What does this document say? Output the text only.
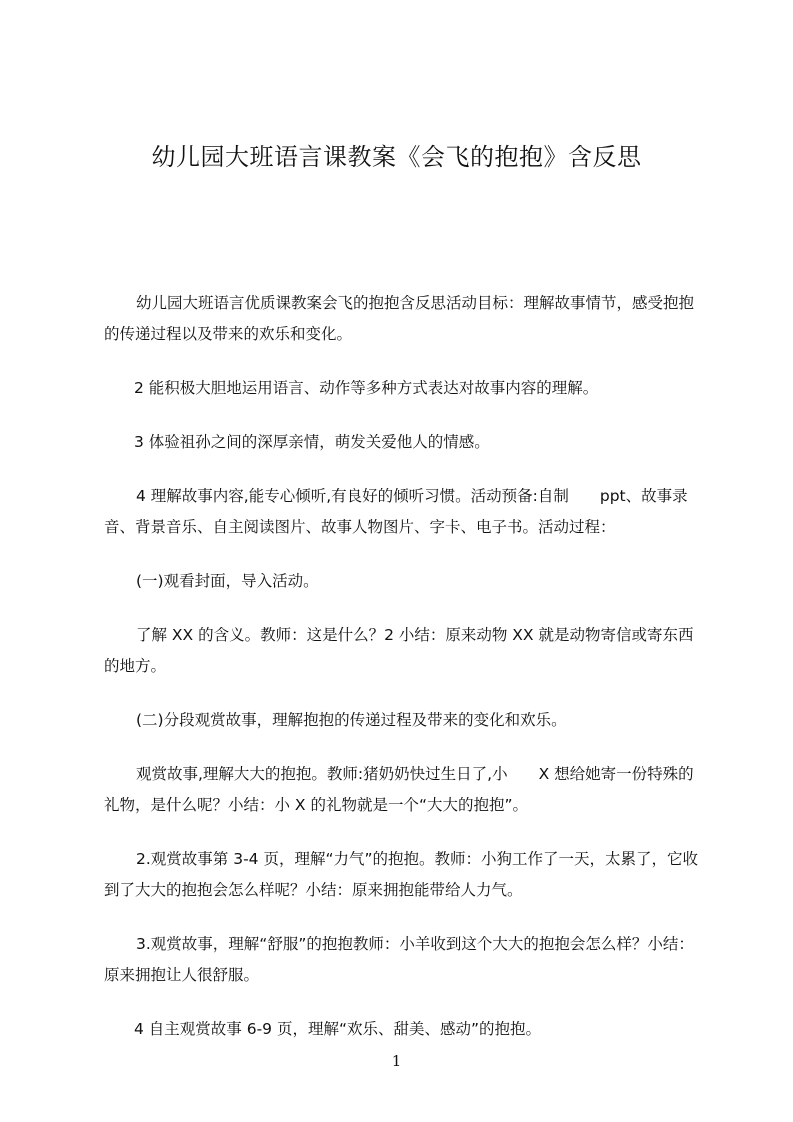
幼儿园大班语言课教案《会飞的抱抱》含反思

幼儿园大班语言优质课教案会飞的抱抱含反思活动目标：理解故事情节，感受抱抱的传递过程以及带来的欢乐和变化。

2 能积极大胆地运用语言、动作等多种方式表达对故事内容的理解。

3 体验祖孙之间的深厚亲情，萌发关爱他人的情感。

4 理解故事内容,能专心倾听,有良好的倾听习惯。活动预备:自制　　ppt、故事录音、背景音乐、自主阅读图片、故事人物图片、字卡、电子书。活动过程：

(一)观看封面，导入活动。

了解 XX 的含义。教师：这是什么？2 小结：原来动物 XX 就是动物寄信或寄东西的地方。

(二)分段观赏故事，理解抱抱的传递过程及带来的变化和欢乐。

观赏故事,理解大大的抱抱。教师:猪奶奶快过生日了,小　　X 想给她寄一份特殊的礼物，是什么呢？小结：小 X 的礼物就是一个“大大的抱抱”。

2.观赏故事第 3-4 页，理解“力气”的抱抱。教师：小狗工作了一天，太累了，它收到了大大的抱抱会怎么样呢？小结：原来拥抱能带给人力气。

3.观赏故事，理解“舒服”的抱抱教师：小羊收到这个大大的抱抱会怎么样？小结：原来拥抱让人很舒服。

4 自主观赏故事 6-9 页，理解“欢乐、甜美、感动”的抱抱。

1
